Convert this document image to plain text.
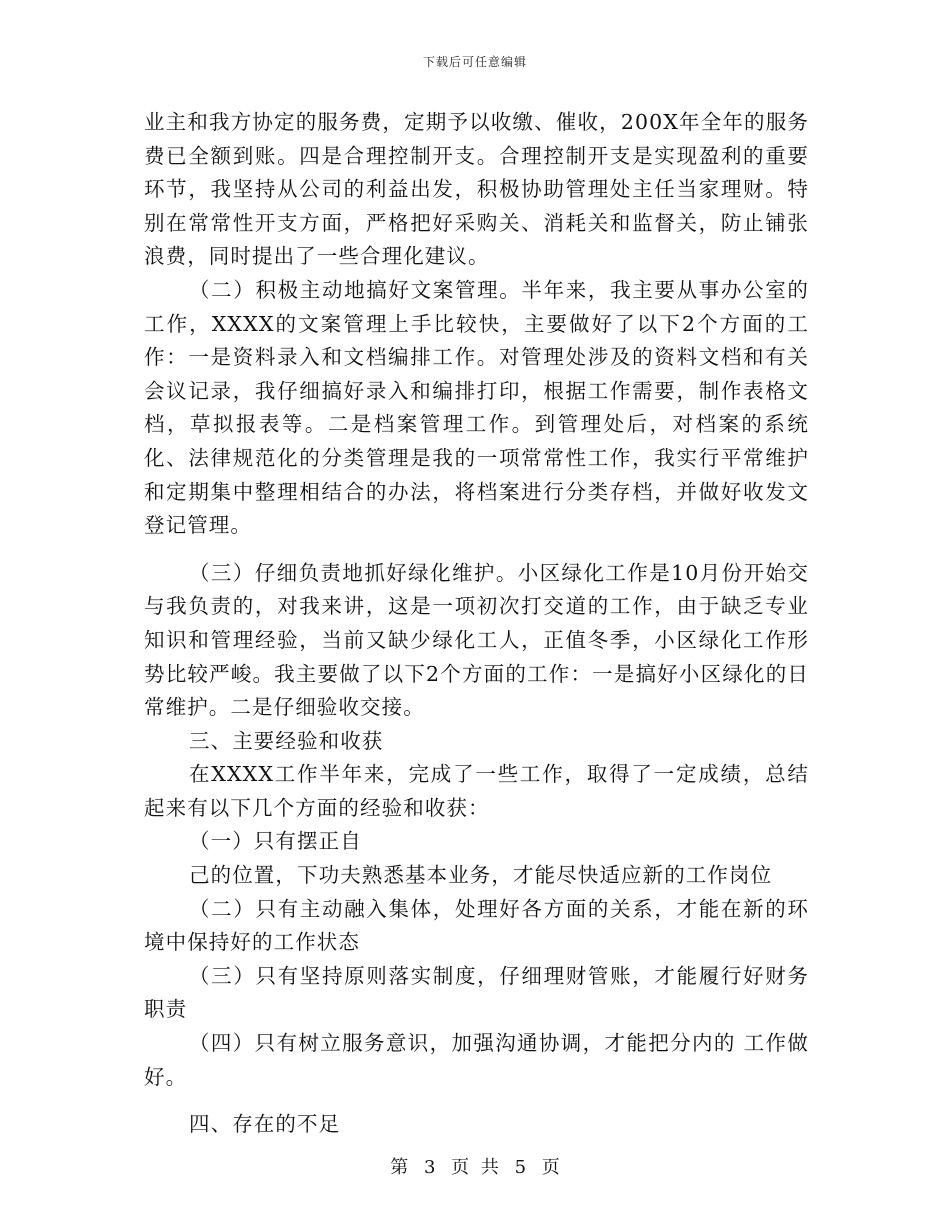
下载后可任意编辑

业主和我方协定的服务费，定期予以收缴、催收，200X年全年的服务费已全额到账。四是合理控制开支。合理控制开支是实现盈利的重要环节，我坚持从公司的利益出发，积极协助管理处主任当家理财。特别在常常性开支方面，严格把好采购关、消耗关和监督关，防止铺张浪费，同时提出了一些合理化建议。

（二）积极主动地搞好文案管理。半年来，我主要从事办公室的工作，XXXX的文案管理上手比较快，主要做好了以下2个方面的工作：一是资料录入和文档编排工作。对管理处涉及的资料文档和有关会议记录，我仔细搞好录入和编排打印，根据工作需要，制作表格文档，草拟报表等。二是档案管理工作。到管理处后，对档案的系统化、法律规范化的分类管理是我的一项常常性工作，我实行平常维护和定期集中整理相结合的办法，将档案进行分类存档，并做好收发文登记管理。

（三）仔细负责地抓好绿化维护。小区绿化工作是10月份开始交与我负责的，对我来讲，这是一项初次打交道的工作，由于缺乏专业知识和管理经验，当前又缺少绿化工人，正值冬季，小区绿化工作形势比较严峻。我主要做了以下2个方面的工作：一是搞好小区绿化的日常维护。二是仔细验收交接。

三、主要经验和收获

在XXXX工作半年来，完成了一些工作，取得了一定成绩，总结起来有以下几个方面的经验和收获：

（一）只有摆正自

己的位置，下功夫熟悉基本业务，才能尽快适应新的工作岗位

（二）只有主动融入集体，处理好各方面的关系，才能在新的环境中保持好的工作状态

（三）只有坚持原则落实制度，仔细理财管账，才能履行好财务职责

（四）只有树立服务意识，加强沟通协调，才能把分内的 工作做好。

四、存在的不足

第 3 页 共 5 页
